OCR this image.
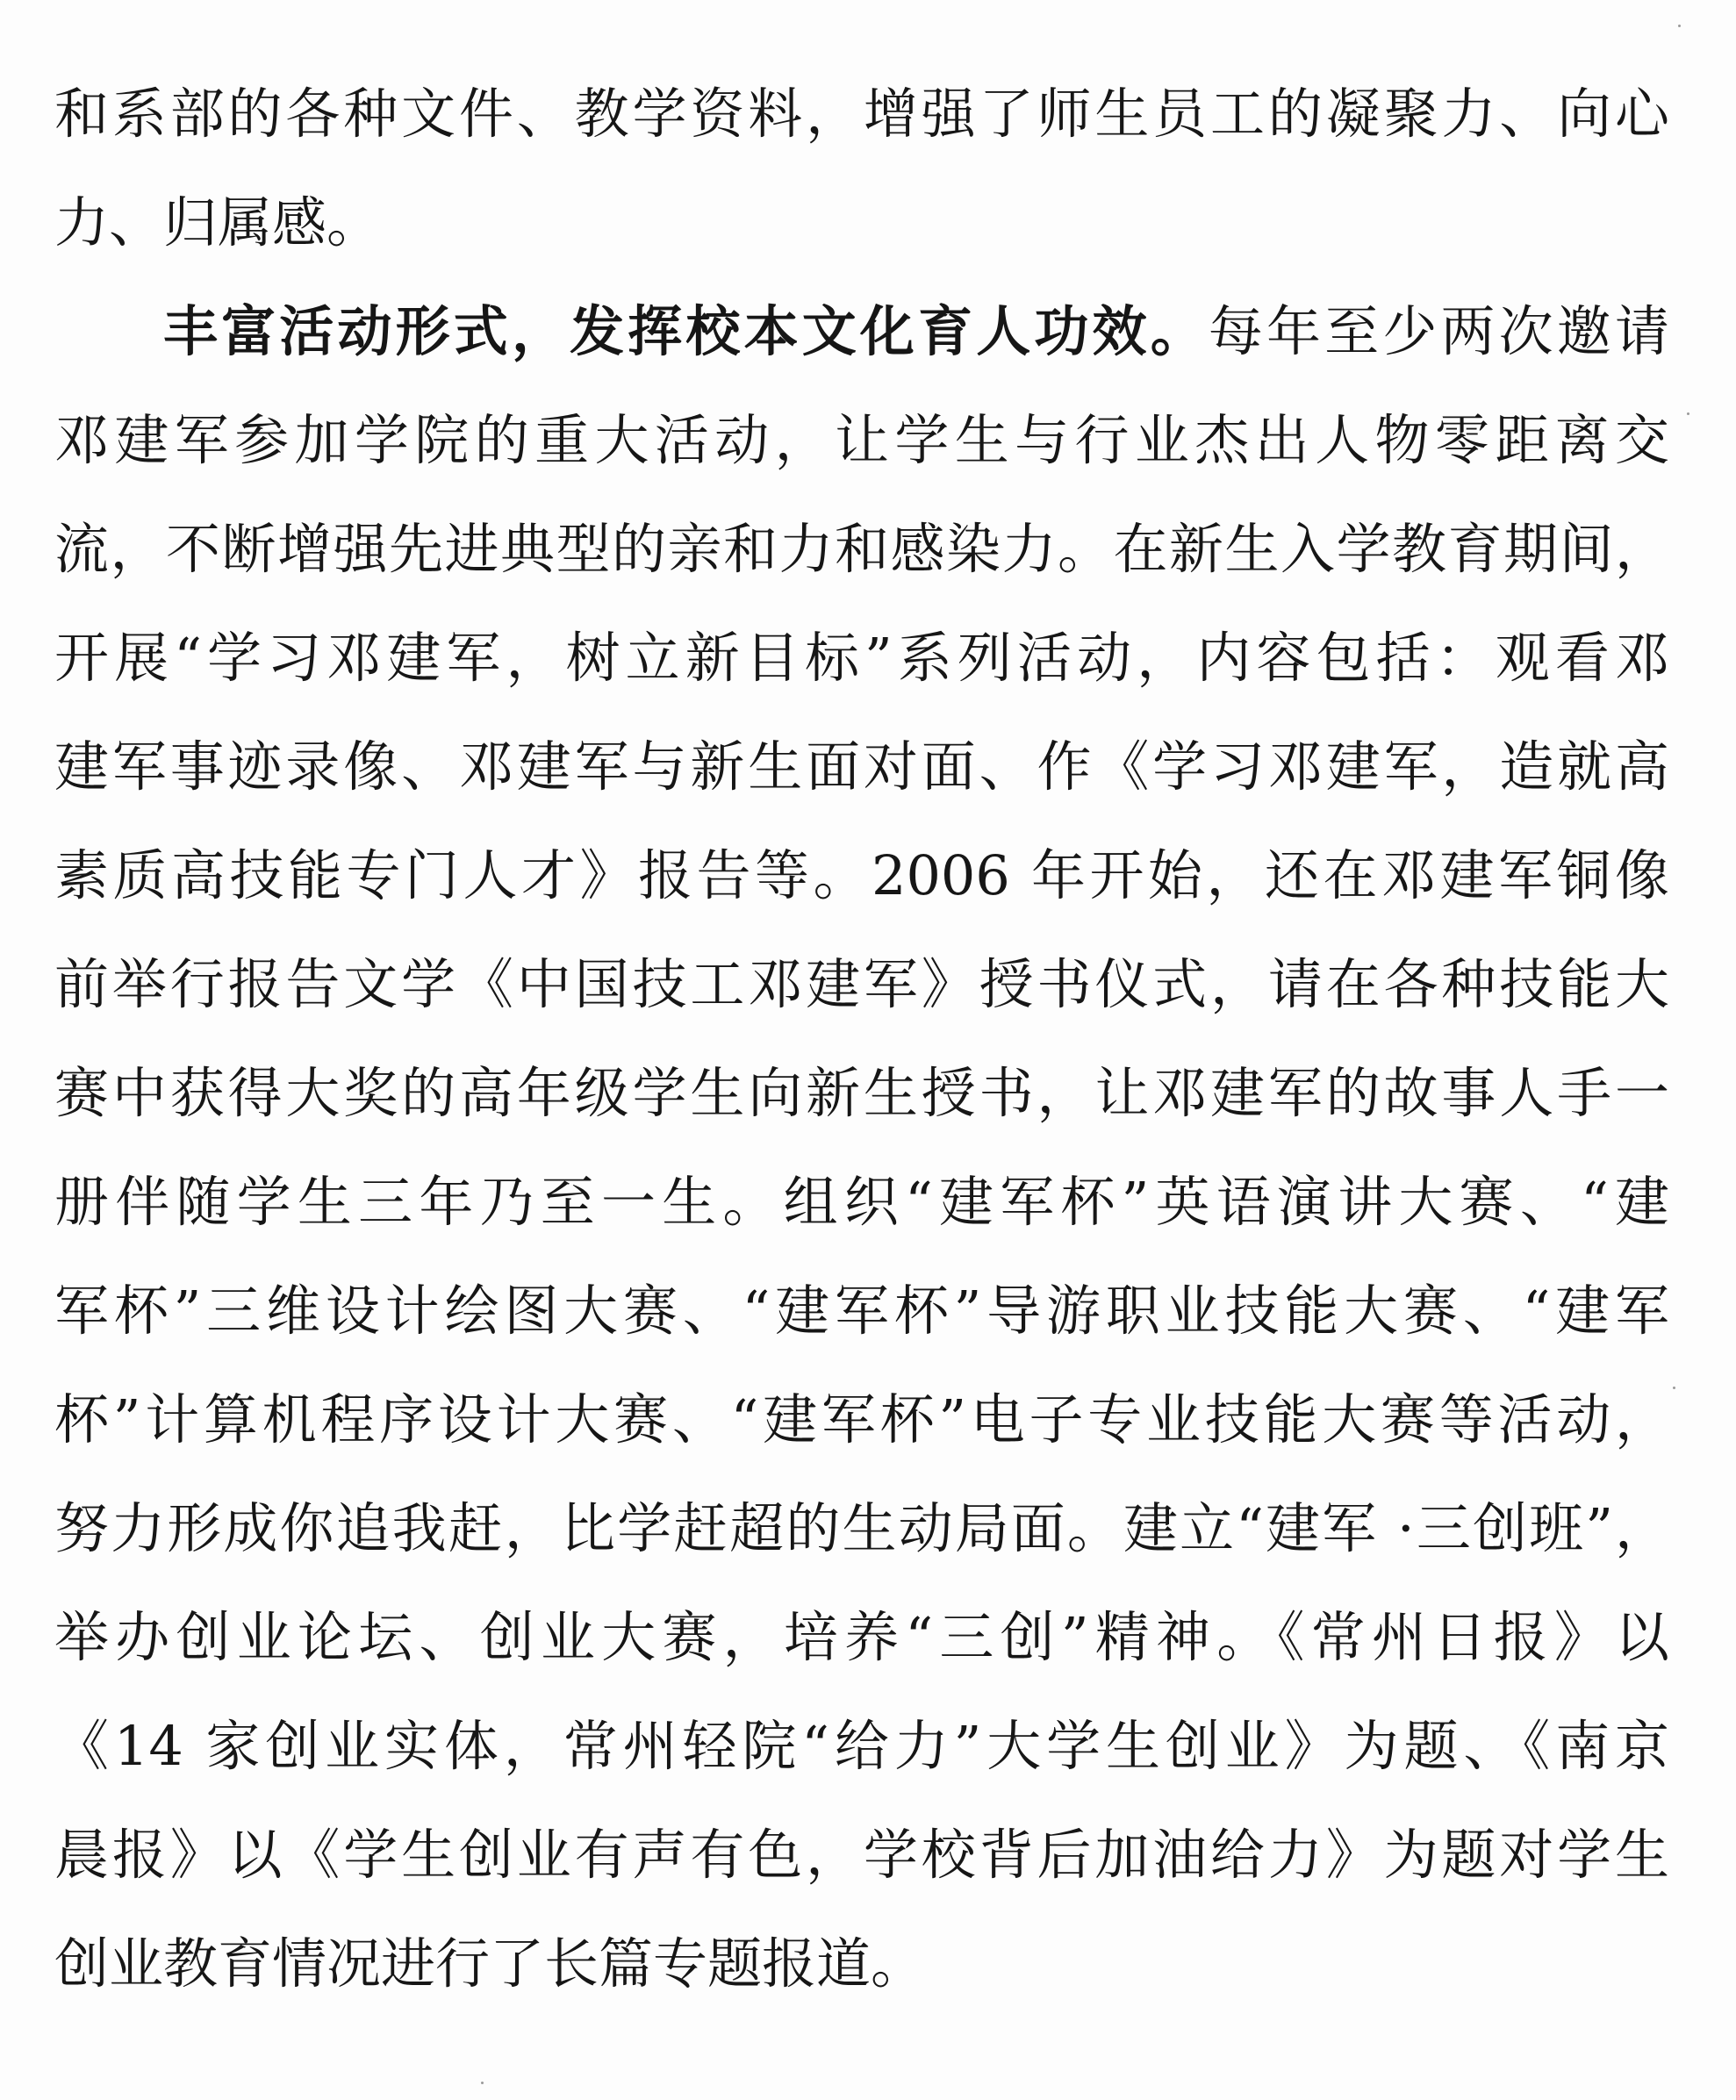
和系部的各种文件、教学资料，增强了师生员工的凝聚力、向心
力、归属感。
丰富活动形式，发挥校本文化育人功效。每年至少两次邀请
邓建军参加学院的重大活动，让学生与行业杰出人物零距离交
流，不断增强先进典型的亲和力和感染力。在新生入学教育期间，
开展“学习邓建军，树立新目标”系列活动，内容包括：观看邓
建军事迹录像、邓建军与新生面对面、作《学习邓建军，造就高
素质高技能专门人才》报告等。2006 年开始，还在邓建军铜像
前举行报告文学《中国技工邓建军》授书仪式，请在各种技能大
赛中获得大奖的高年级学生向新生授书，让邓建军的故事人手一
册伴随学生三年乃至一生。组织“建军杯”英语演讲大赛、“建
军杯”三维设计绘图大赛、“建军杯”导游职业技能大赛、“建军
杯”计算机程序设计大赛、“建军杯”电子专业技能大赛等活动，
努力形成你追我赶，比学赶超的生动局面。建立“建军 ·三创班”，
举办创业论坛、创业大赛，培养“三创”精神。《常州日报》以
《14 家创业实体，常州轻院“给力”大学生创业》为题、《南京
晨报》以《学生创业有声有色，学校背后加油给力》为题对学生
创业教育情况进行了长篇专题报道。
